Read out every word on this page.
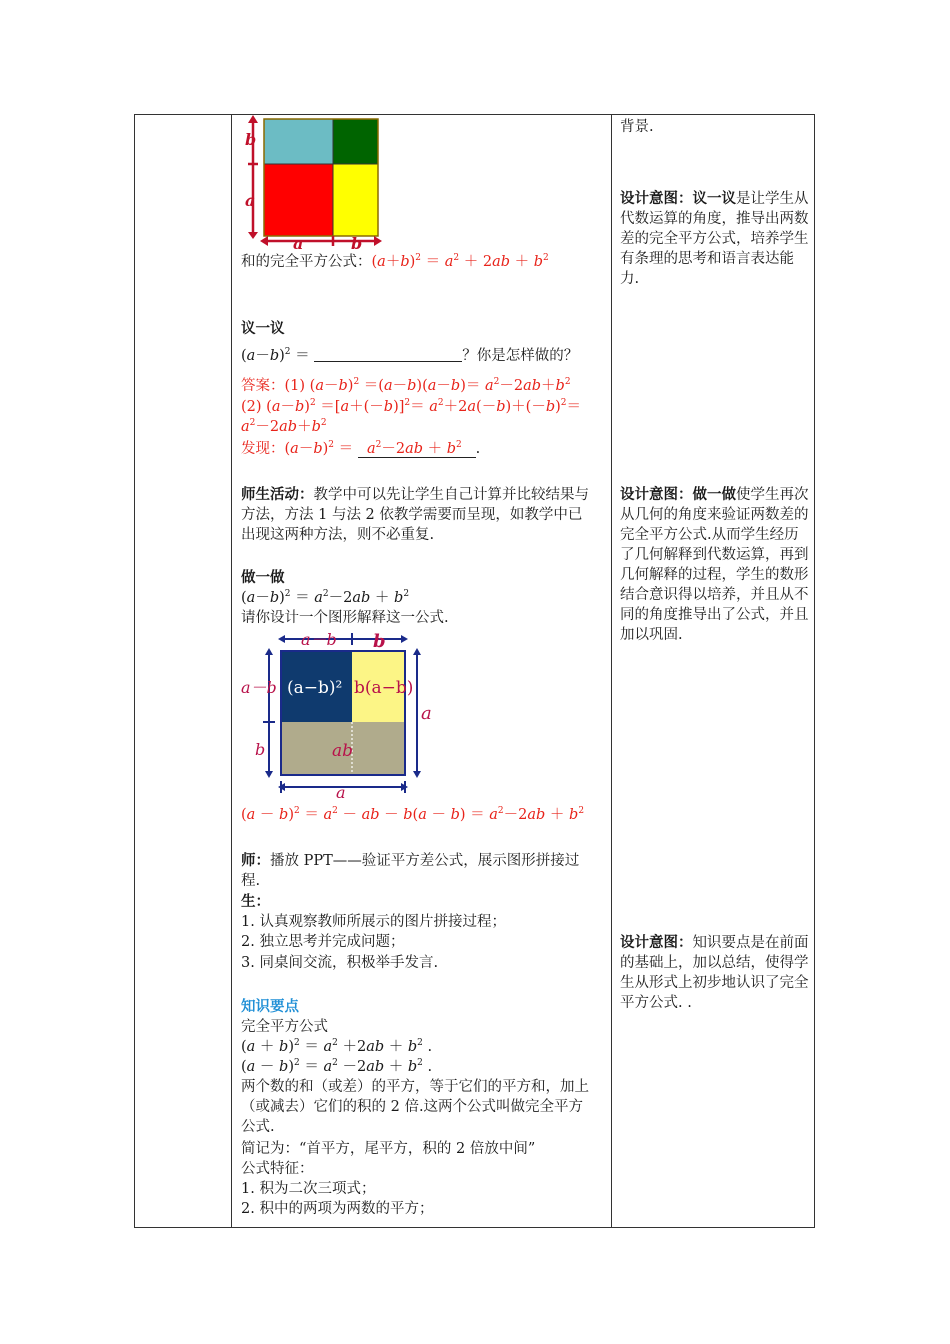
b
a
a	b
和的完全平方公式：$(a+b)^2 = a^2 + 2ab + b^2$
议一议
$(a-b)^2$ ＝	？你是怎样做的？
答案：(1) $(a-b)^2 =(a-b)(a-b)= a^2-2ab+b^2$
(2) $(a-b)^2 =[a+(-b)]^2= a^2+2a(-b)+(-b)^2=$
$a^2-2ab+b^2$
发现：$(a-b)^2 = a^2-2ab + b^2$ .
师生活动：教学中可以先让学生自己计算并比较结果与方法，方法 1 与法 2 依教学需要而呈现，如教学中已出现这两种方法，则不必重复.
做一做
$(a-b)^2 = a^2-2ab + b^2$
请你设计一个图形解释这一公式.
a－b b
a－b
b
a
a
(a−b)² b(a−b)
ab
$(a - b)^2 = a^2$ － ab － $b(a - b) = a^2-2ab + b^2$
师：播放 PPT——验证平方差公式，展示图形拼接过程.
生：
1. 认真观察教师所展示的图片拼接过程；
2. 独立思考并完成问题；
3. 同桌间交流，积极举手发言.
知识要点
完全平方公式
$(a + b)^2 = a^2 +2ab + b^2$ .
$(a - b)^2 = a^2 -2ab + b^2$ .
两个数的和（或差）的平方，等于它们的平方和，加上（或减去）它们的积的 2 倍.这两个公式叫做完全平方公式.
简记为：“首平方，尾平方，积的 2 倍放中间”
公式特征：
1. 积为二次三项式；
2. 积中的两项为两数的平方；
背景.
设计意图：议一议是让学生从代数运算的角度，推导出两数差的完全平方公式，培养学生有条理的思考和语言表达能力.
设计意图：做一做使学生再次从几何的角度来验证两数差的完全平方公式.从而学生经历了几何解释到代数运算，再到几何解释的过程，学生的数形结合意识得以培养，并且从不同的角度推导出了公式，并且加以巩固.
设计意图：知识要点是在前面的基础上，加以总结，使得学生从形式上初步地认识了完全平方公式. .
